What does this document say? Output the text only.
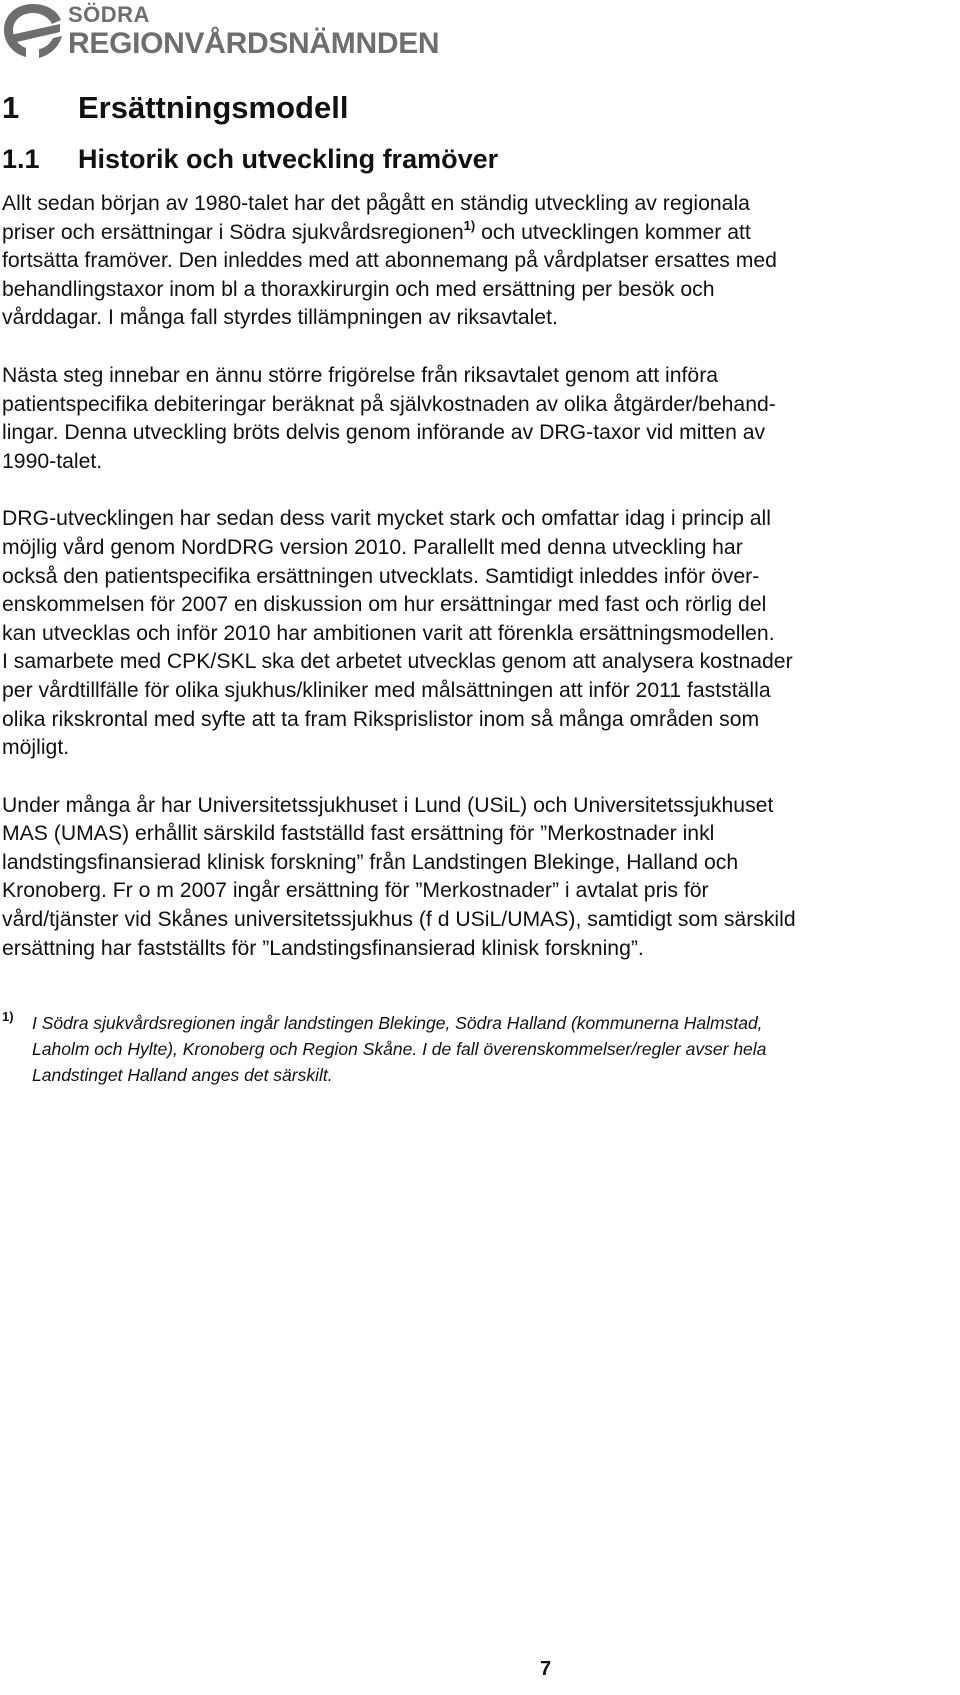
SÖDRA
REGIONVÅRDSNÄMNDEN
1 Ersättningsmodell
1.1 Historik och utveckling framöver
Allt sedan början av 1980-talet har det pågått en ständig utveckling av regionala
priser och ersättningar i Södra sjukvårdsregionen$^{1)}$ och utvecklingen kommer att
fortsätta framöver. Den inleddes med att abonnemang på vårdplatser ersattes med
behandlingstaxor inom bl a thoraxkirurgin och med ersättning per besök och
vårddagar. I många fall styrdes tillämpningen av riksavtalet.
Nästa steg innebar en ännu större frigörelse från riksavtalet genom att införa
patientspecifika debiteringar beräknat på självkostnaden av olika åtgärder/behand-
lingar. Denna utveckling bröts delvis genom införande av DRG-taxor vid mitten av
1990-talet.
DRG-utvecklingen har sedan dess varit mycket stark och omfattar idag i princip all
möjlig vård genom NordDRG version 2010. Parallellt med denna utveckling har
också den patientspecifika ersättningen utvecklats. Samtidigt inleddes inför över-
enskommelsen för 2007 en diskussion om hur ersättningar med fast och rörlig del
kan utvecklas och inför 2010 har ambitionen varit att förenkla ersättningsmodellen.
I samarbete med CPK/SKL ska det arbetet utvecklas genom att analysera kostnader
per vårdtillfälle för olika sjukhus/kliniker med målsättningen att inför 2011 fastställa
olika rikskrontal med syfte att ta fram Riksprislistor inom så många områden som
möjligt.
Under många år har Universitetssjukhuset i Lund (USiL) och Universitetssjukhuset
MAS (UMAS) erhållit särskild fastställd fast ersättning för ”Merkostnader inkl
landstingsfinansierad klinisk forskning” från Landstingen Blekinge, Halland och
Kronoberg. Fr o m 2007 ingår ersättning för ”Merkostnader” i avtalat pris för
vård/tjänster vid Skånes universitetssjukhus (f d USiL/UMAS), samtidigt som särskild
ersättning har fastställts för ”Landstingsfinansierad klinisk forskning”.
1) I Södra sjukvårdsregionen ingår landstingen Blekinge, Södra Halland (kommunerna Halmstad,
Laholm och Hylte), Kronoberg och Region Skåne. I de fall överenskommelser/regler avser hela
Landstinget Halland anges det särskilt.
7
